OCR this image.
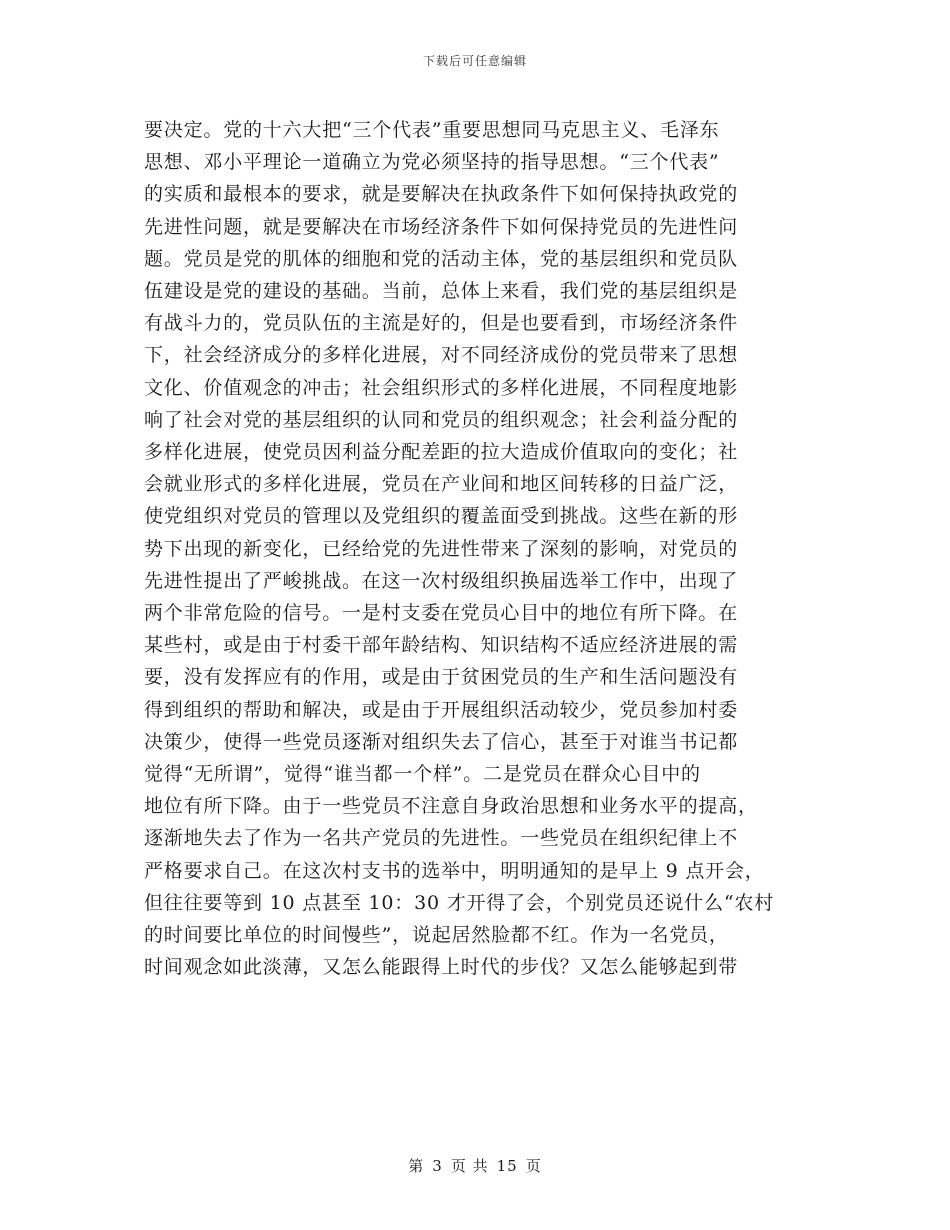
下载后可任意编辑
要决定。党的十六大把“三个代表”重要思想同马克思主义、毛泽东
思想、邓小平理论一道确立为党必须坚持的指导思想。“三个代表”
的实质和最根本的要求，就是要解决在执政条件下如何保持执政党的
先进性问题，就是要解决在市场经济条件下如何保持党员的先进性问
题。党员是党的肌体的细胞和党的活动主体，党的基层组织和党员队
伍建设是党的建设的基础。当前，总体上来看，我们党的基层组织是
有战斗力的，党员队伍的主流是好的，但是也要看到，市场经济条件
下，社会经济成分的多样化进展，对不同经济成份的党员带来了思想
文化、价值观念的冲击；社会组织形式的多样化进展，不同程度地影
响了社会对党的基层组织的认同和党员的组织观念；社会利益分配的
多样化进展，使党员因利益分配差距的拉大造成价值取向的变化；社
会就业形式的多样化进展，党员在产业间和地区间转移的日益广泛，
使党组织对党员的管理以及党组织的覆盖面受到挑战。这些在新的形
势下出现的新变化，已经给党的先进性带来了深刻的影响，对党员的
先进性提出了严峻挑战。在这一次村级组织换届选举工作中，出现了
两个非常危险的信号。一是村支委在党员心目中的地位有所下降。在
某些村，或是由于村委干部年龄结构、知识结构不适应经济进展的需
要，没有发挥应有的作用，或是由于贫困党员的生产和生活问题没有
得到组织的帮助和解决，或是由于开展组织活动较少，党员参加村委
决策少，使得一些党员逐渐对组织失去了信心，甚至于对谁当书记都
觉得“无所谓”，觉得“谁当都一个样”。二是党员在群众心目中的
地位有所下降。由于一些党员不注意自身政治思想和业务水平的提高，
逐渐地失去了作为一名共产党员的先进性。一些党员在组织纪律上不
严格要求自己。在这次村支书的选举中，明明通知的是早上 9 点开会，
但往往要等到 10 点甚至 10：30 才开得了会，个别党员还说什么“农村
的时间要比单位的时间慢些”，说起居然脸都不红。作为一名党员，
时间观念如此淡薄，又怎么能跟得上时代的步伐？又怎么能够起到带
第 3 页 共 15 页
